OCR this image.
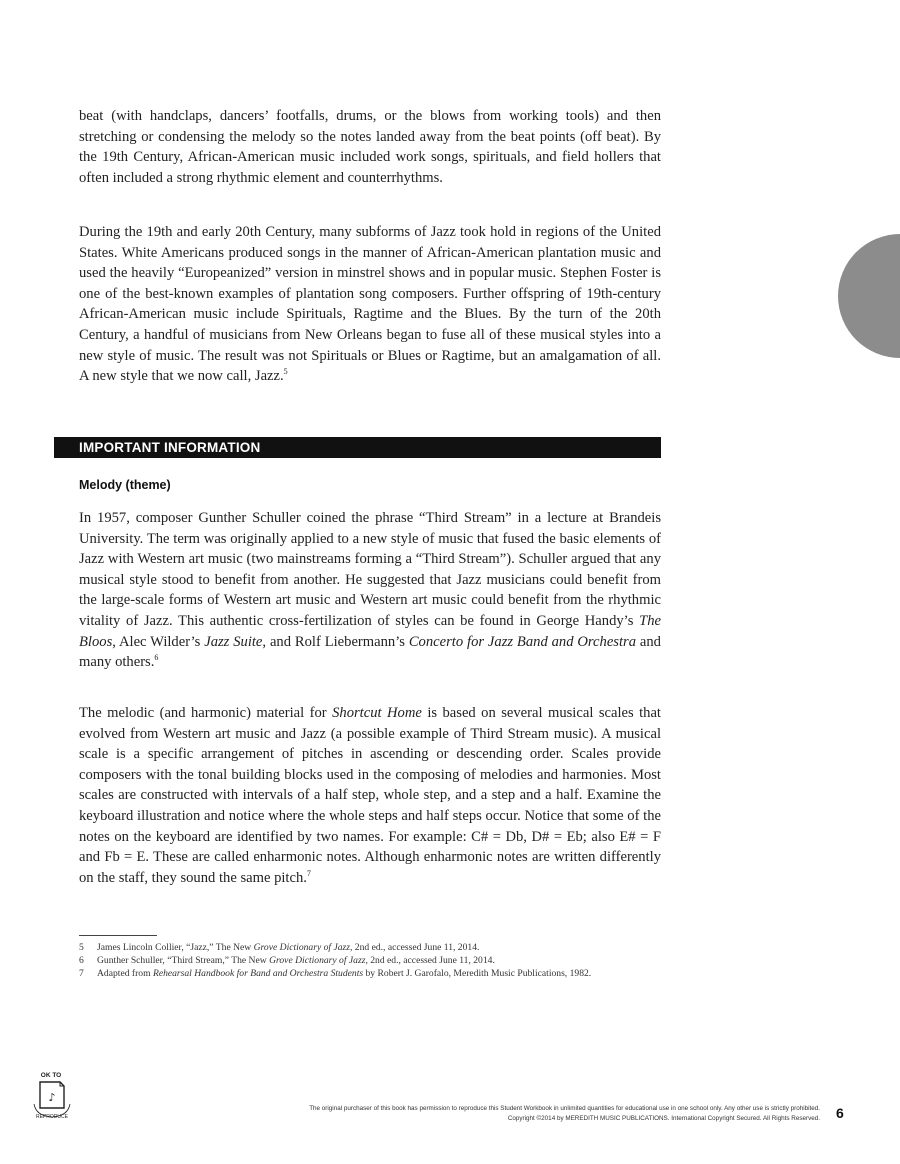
beat (with handclaps, dancers’ footfalls, drums, or the blows from working tools) and then stretching or condensing the melody so the notes landed away from the beat points (off beat). By the 19th Century, African-American music included work songs, spirituals, and field hollers that often included a strong rhythmic element and counterrhythms.

During the 19th and early 20th Century, many subforms of Jazz took hold in regions of the United States. White Americans produced songs in the manner of African-American plantation music and used the heavily “Europeanized” version in minstrel shows and in popular music. Stephen Foster is one of the best-known examples of plantation song composers. Further offspring of 19th-century African-American music include Spirituals, Ragtime and the Blues. By the turn of the 20th Century, a handful of musicians from New Orleans began to fuse all of these musical styles into a new style of music. The result was not Spirituals or Blues or Ragtime, but an amalgamation of all. A new style that we now call, Jazz.$^5$

IMPORTANT INFORMATION
Melody (theme)

In 1957, composer Gunther Schuller coined the phrase “Third Stream” in a lecture at Brandeis University. The term was originally applied to a new style of music that fused the basic elements of Jazz with Western art music (two mainstreams forming a “Third Stream”). Schuller argued that any musical style stood to benefit from another. He suggested that Jazz musicians could benefit from the large-scale forms of Western art music and Western art music could benefit from the rhythmic vitality of Jazz. This authentic cross-fertilization of styles can be found in George Handy’s The Bloos, Alec Wilder’s Jazz Suite, and Rolf Liebermann’s Concerto for Jazz Band and Orchestra and many others.$^6$

The melodic (and harmonic) material for Shortcut Home is based on several musical scales that evolved from Western art music and Jazz (a possible example of Third Stream music). A musical scale is a specific arrangement of pitches in ascending or descending order. Scales provide composers with the tonal building blocks used in the composing of melodies and harmonies. Most scales are constructed with intervals of a half step, whole step, and a step and a half. Examine the keyboard illustration and notice where the whole steps and half steps occur. Notice that some of the notes on the keyboard are identified by two names. For example: C# = Db, D# = Eb; also E# = F and Fb = E. These are called enharmonic notes. Although enharmonic notes are written differently on the staff, they sound the same pitch.$^7$

5	James Lincoln Collier, “Jazz,” The New Grove Dictionary of Jazz, 2nd ed., accessed June 11, 2014.
6	Gunther Schuller, “Third Stream,” The New Grove Dictionary of Jazz, 2nd ed., accessed June 11, 2014.
7	Adapted from Rehearsal Handbook for Band and Orchestra Students by Robert J. Garofalo, Meredith Music Publications, 1982.
OK TO
♪
REPRODUCE
The original purchaser of this book has permission to reproduce this Student Workbook in unlimited quantities for educational use in one school only. Any other use is strictly prohibited.
Copyright ©2014 by MEREDITH MUSIC PUBLICATIONS. International Copyright Secured. All Rights Reserved. 6
